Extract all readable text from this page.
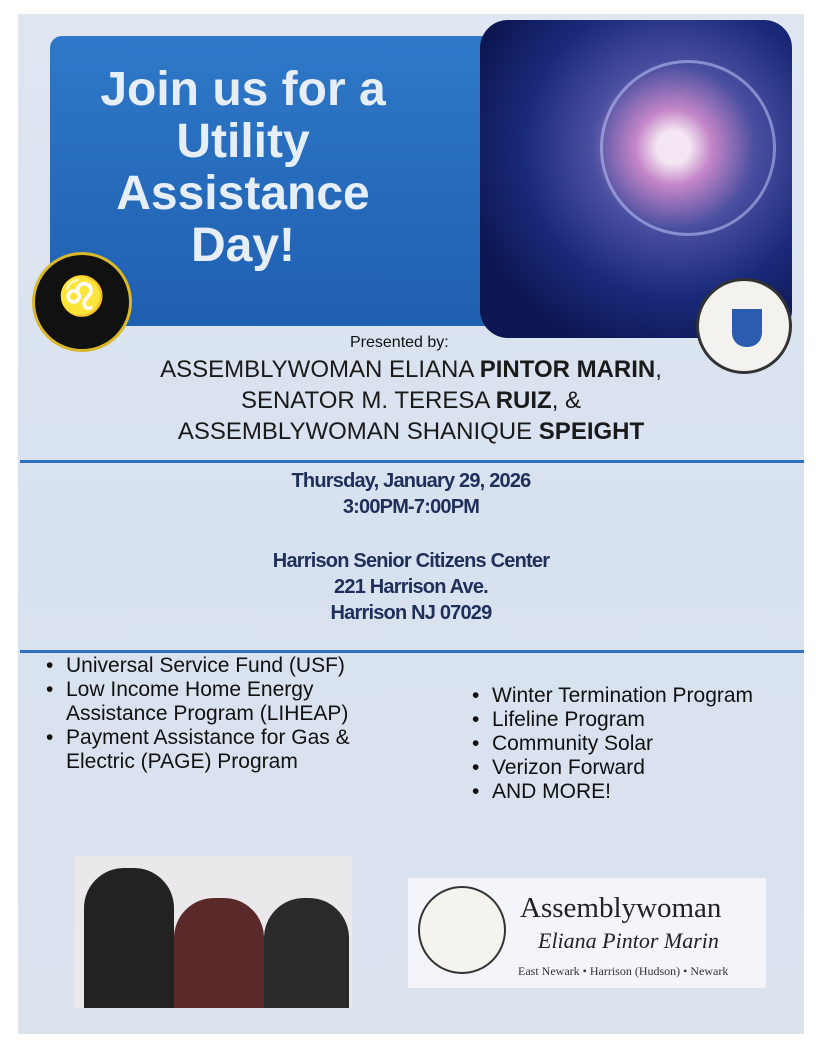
Join us for a Utility Assistance Day!
♌
Presented by:
ASSEMBLYWOMAN ELIANA PINTOR MARIN,
SENATOR M. TERESA RUIZ, &
ASSEMBLYWOMAN SHANIQUE SPEIGHT
Thursday, January 29, 2026
3:00PM-7:00PM
Harrison Senior Citizens Center
221 Harrison Ave.
Harrison NJ 07029
• Universal Service Fund (USF)
• Low Income Home Energy Assistance Program (LIHEAP)
• Payment Assistance for Gas & Electric (PAGE) Program
• Winter Termination Program
• Lifeline Program
• Community Solar
• Verizon Forward
• AND MORE!
Assemblywoman
Eliana Pintor Marin
East Newark • Harrison (Hudson) • Newark
